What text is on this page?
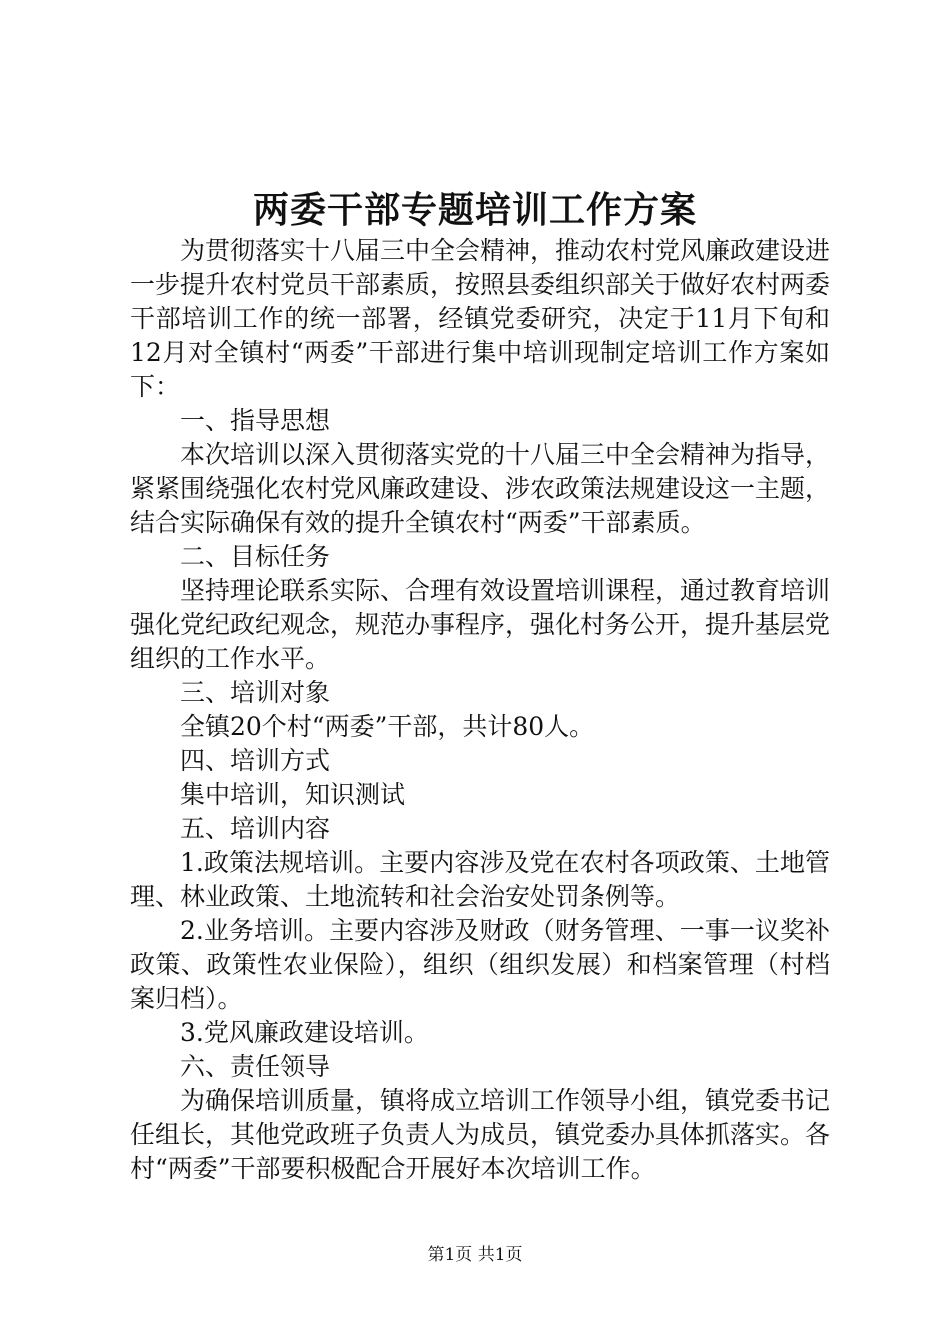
两委干部专题培训工作方案

为贯彻落实十八届三中全会精神，推动农村党风廉政建设进一步提升农村党员干部素质，按照县委组织部关于做好农村两委干部培训工作的统一部署，经镇党委研究，决定于11月下旬和12月对全镇村“两委”干部进行集中培训现制定培训工作方案如下：

一、指导思想

本次培训以深入贯彻落实党的十八届三中全会精神为指导，紧紧围绕强化农村党风廉政建设、涉农政策法规建设这一主题，结合实际确保有效的提升全镇农村“两委”干部素质。

二、目标任务

坚持理论联系实际、合理有效设置培训课程，通过教育培训强化党纪政纪观念，规范办事程序，强化村务公开，提升基层党组织的工作水平。

三、培训对象

全镇20个村“两委”干部，共计80人。

四、培训方式

集中培训，知识测试

五、培训内容

1.政策法规培训。主要内容涉及党在农村各项政策、土地管理、林业政策、土地流转和社会治安处罚条例等。

2.业务培训。主要内容涉及财政（财务管理、一事一议奖补政策、政策性农业保险），组织（组织发展）和档案管理（村档案归档）。

3.党风廉政建设培训。

六、责任领导

为确保培训质量，镇将成立培训工作领导小组，镇党委书记任组长，其他党政班子负责人为成员，镇党委办具体抓落实。各村“两委”干部要积极配合开展好本次培训工作。

第1页 共1页
